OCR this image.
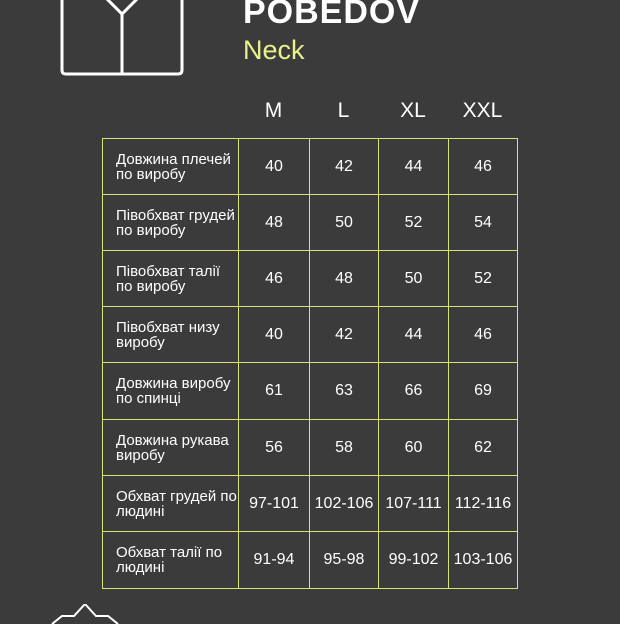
POBEDOV
Neck
M	L	XL	XXL
Довжина плечей по виробу	40	42	44	46
Півобхват грудей по виробу	48	50	52	54
Півобхват талії по виробу	46	48	50	52
Півобхват низу виробу	40	42	44	46
Довжина виробу по спинці	61	63	66	69
Довжина рукава виробу	56	58	60	62
Обхват грудей по людині	97-101	102-106	107-111	112-116
Обхват талії по людині	91-94	95-98	99-102	103-106
